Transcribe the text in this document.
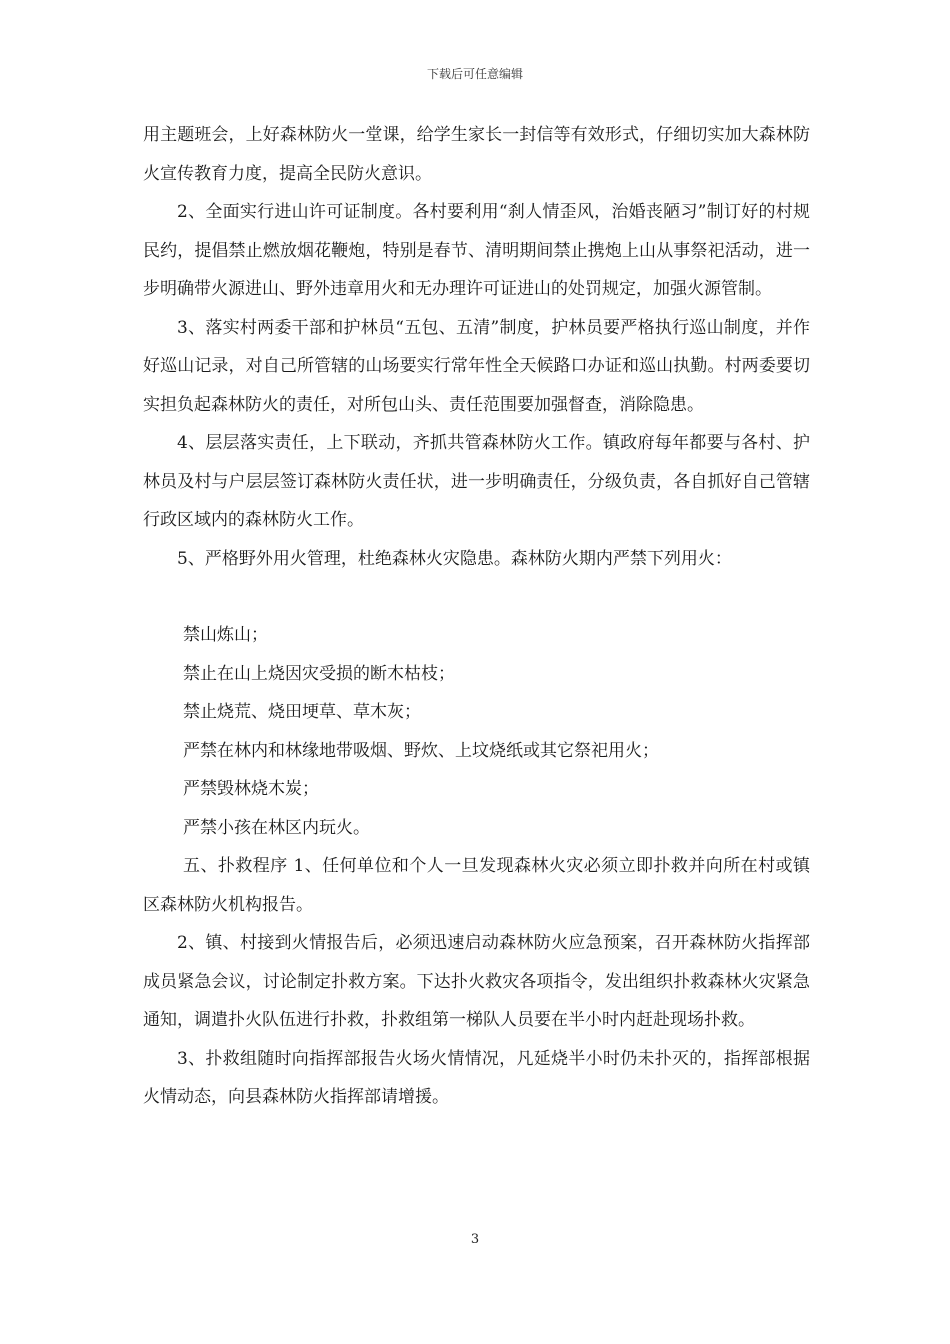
下载后可任意编辑

用主题班会，上好森林防火一堂课，给学生家长一封信等有效形式，仔细切实加大森林防火宣传教育力度，提高全民防火意识。

2、全面实行进山许可证制度。各村要利用“刹人情歪风，治婚丧陋习”制订好的村规民约，提倡禁止燃放烟花鞭炮，特别是春节、清明期间禁止携炮上山从事祭祀活动，进一步明确带火源进山、野外违章用火和无办理许可证进山的处罚规定，加强火源管制。

3、落实村两委干部和护林员“五包、五清”制度，护林员要严格执行巡山制度，并作好巡山记录，对自己所管辖的山场要实行常年性全天候路口办证和巡山执勤。村两委要切实担负起森林防火的责任，对所包山头、责任范围要加强督查，消除隐患。

4、层层落实责任，上下联动，齐抓共管森林防火工作。镇政府每年都要与各村、护林员及村与户层层签订森林防火责任状，进一步明确责任，分级负责，各自抓好自己管辖行政区域内的森林防火工作。

5、严格野外用火管理，杜绝森林火灾隐患。森林防火期内严禁下列用火：

禁山炼山；

禁止在山上烧因灾受损的断木枯枝；

禁止烧荒、烧田埂草、草木灰；

严禁在林内和林缘地带吸烟、野炊、上坟烧纸或其它祭祀用火；

严禁毁林烧木炭；

严禁小孩在林区内玩火。

五、扑救程序 1、任何单位和个人一旦发现森林火灾必须立即扑救并向所在村或镇区森林防火机构报告。

2、镇、村接到火情报告后，必须迅速启动森林防火应急预案，召开森林防火指挥部成员紧急会议，讨论制定扑救方案。下达扑火救灾各项指令，发出组织扑救森林火灾紧急通知，调遣扑火队伍进行扑救，扑救组第一梯队人员要在半小时内赶赴现场扑救。

3、扑救组随时向指挥部报告火场火情情况，凡延烧半小时仍未扑灭的，指挥部根据火情动态，向县森林防火指挥部请增援。

3
